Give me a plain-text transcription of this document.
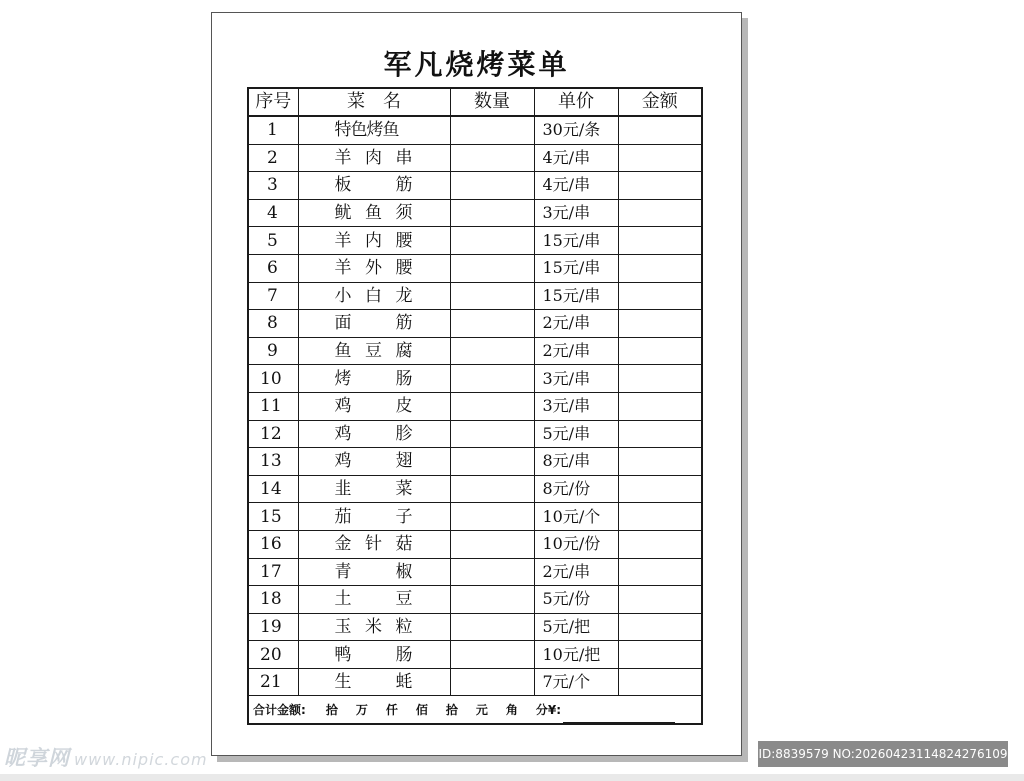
军凡烧烤菜单
序号	菜　名	数量	单价	金额
1	特色烤鱼		30元/条	
2	羊肉串		4元/串	
3	板筋		4元/串	
4	鱿鱼须		3元/串	
5	羊内腰		15元/串	
6	羊外腰		15元/串	
7	小白龙		15元/串	
8	面筋		2元/串	
9	鱼豆腐		2元/串	
10	烤肠		3元/串	
11	鸡皮		3元/串	
12	鸡胗		5元/串	
13	鸡翅		8元/串	
14	韭菜		8元/份	
15	茄子		10元/个	
16	金针菇		10元/份	
17	青椒		2元/串	
18	土豆		5元/份	
19	玉米粒		5元/把	
20	鸭肠		10元/把	
21	生蚝		7元/个	
合计金额: 拾 万 仟 佰 拾 元 角 分¥:				
昵享网 www.nipic.com	ID:8839579 NO:20260423114824276109
